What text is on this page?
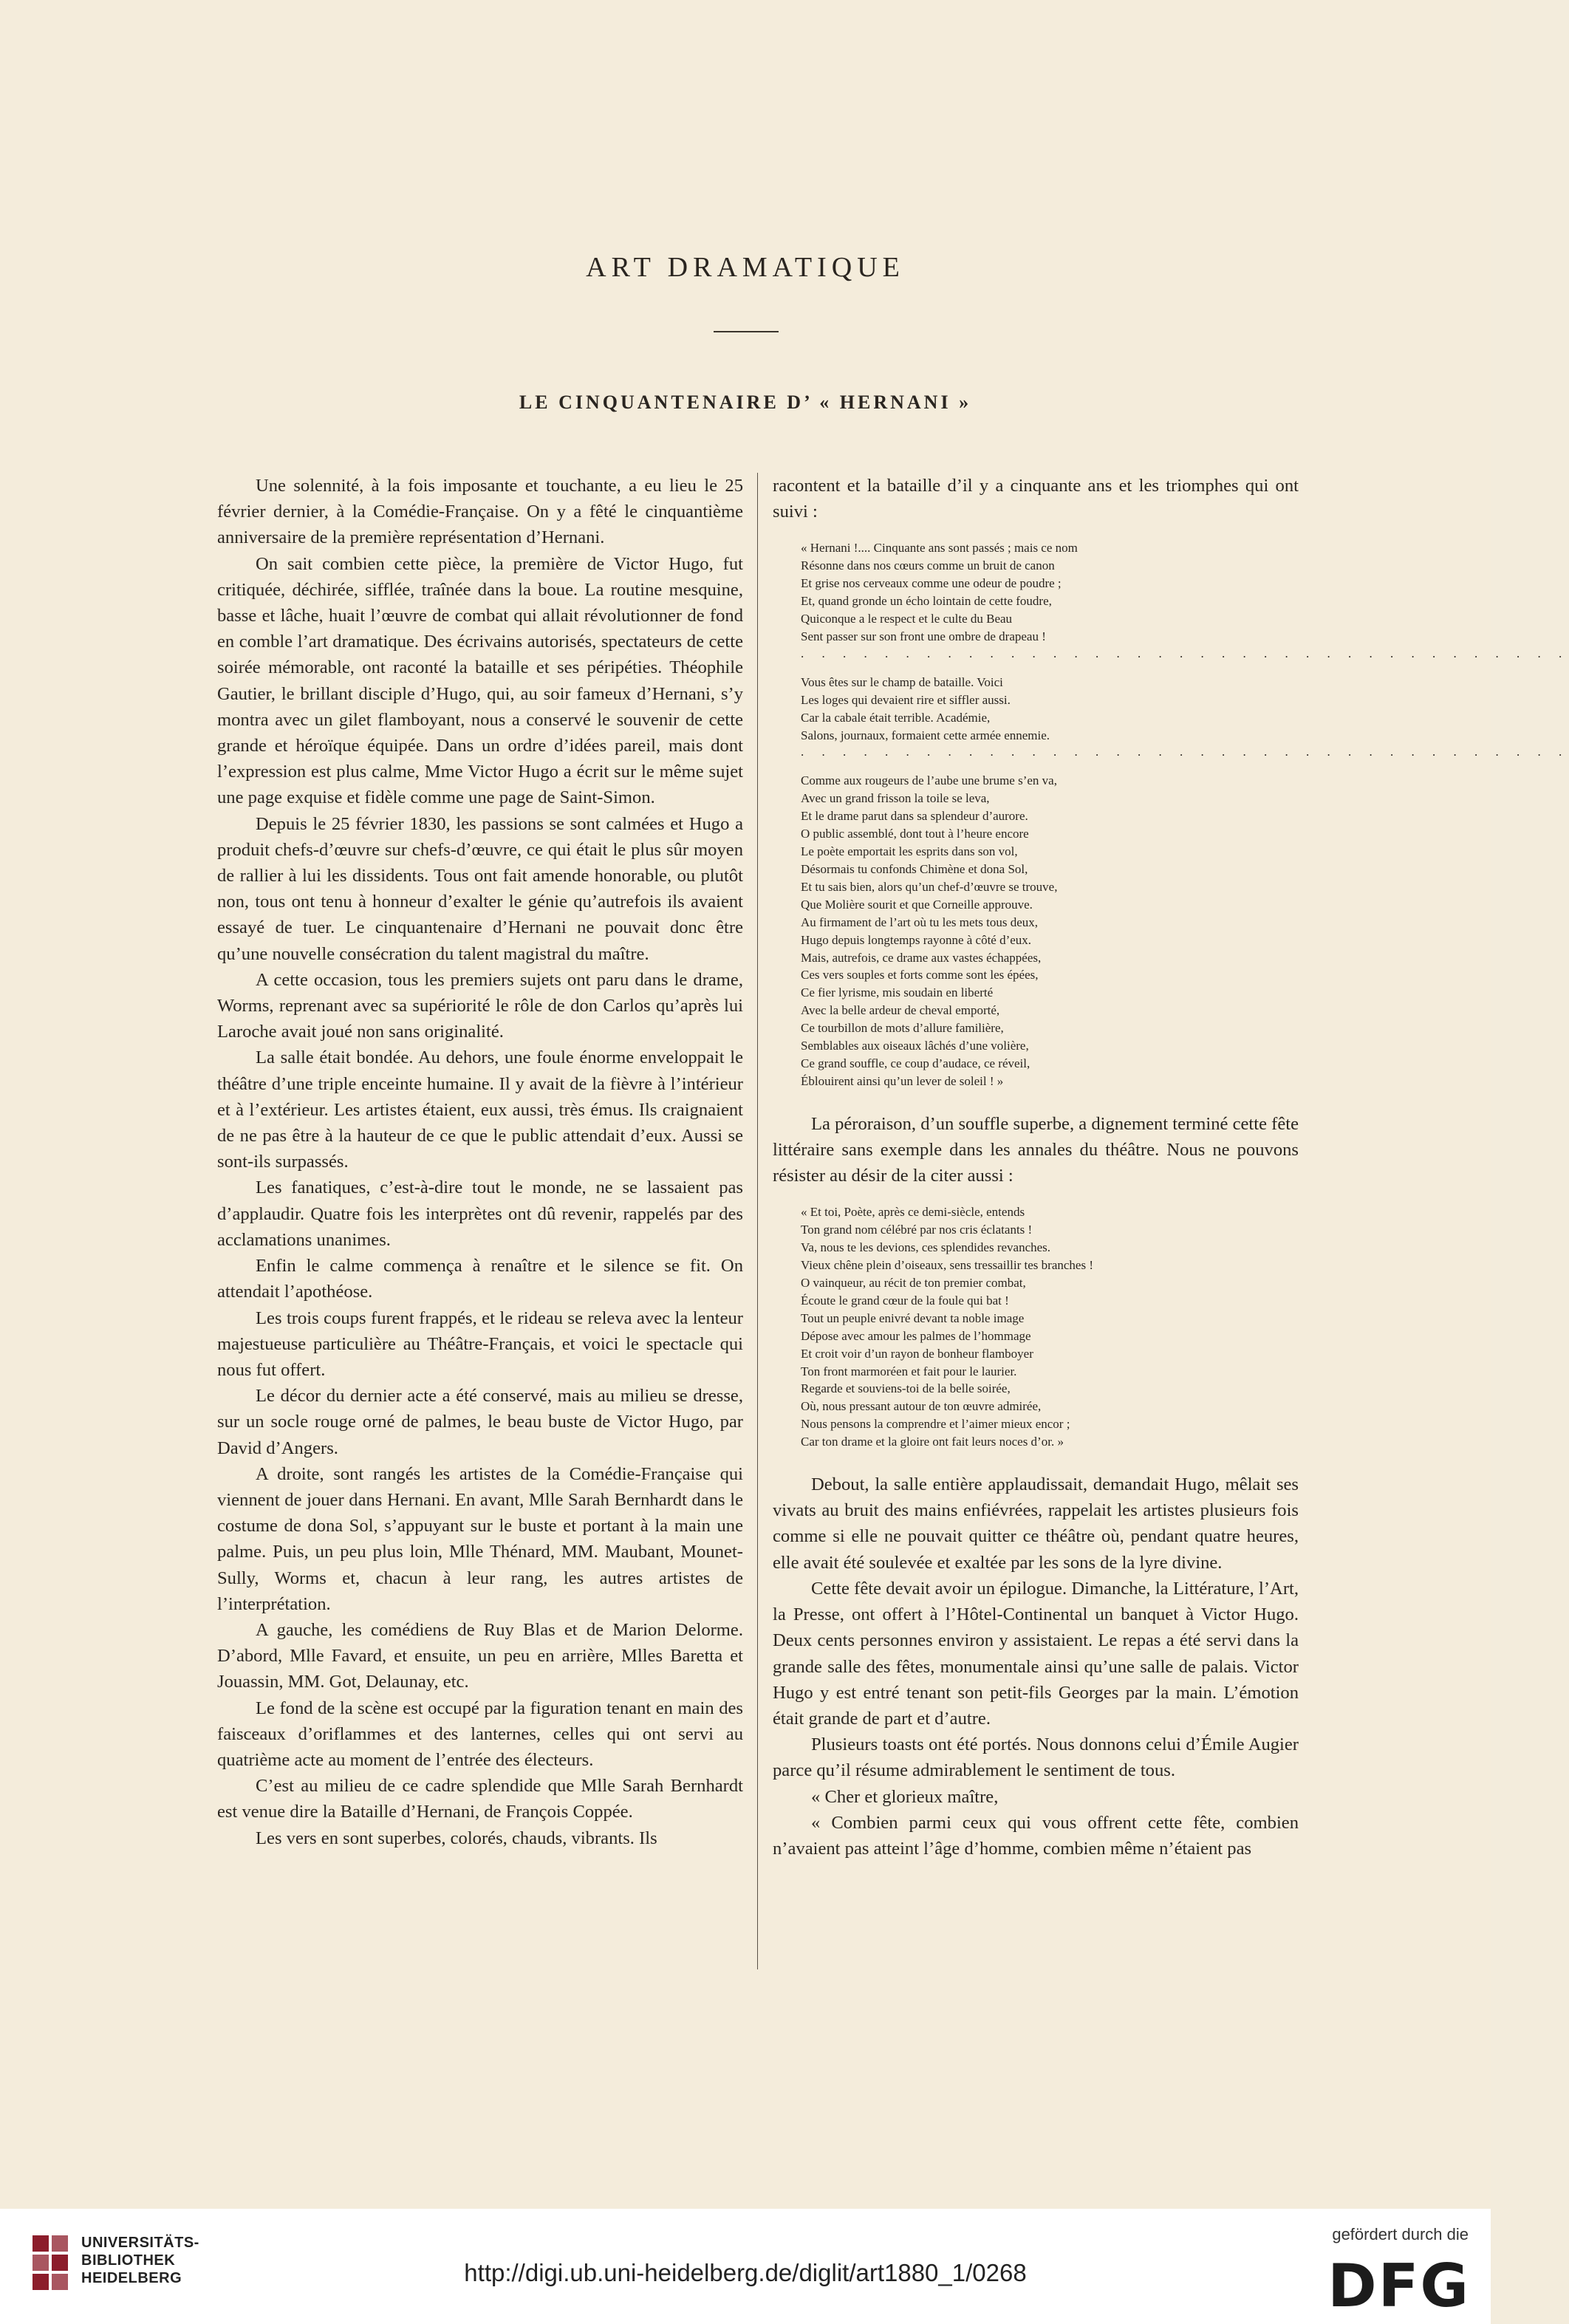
ART DRAMATIQUE
LE CINQUANTENAIRE D’ « HERNANI »

Une solennité, à la fois imposante et touchante, a eu lieu le 25 février dernier, à la Comédie-Française. On y a fêté le cinquantième anniversaire de la première représentation d’Hernani.

On sait combien cette pièce, la première de Victor Hugo, fut critiquée, déchirée, sifflée, traînée dans la boue. La routine mesquine, basse et lâche, huait l’œuvre de combat qui allait révolutionner de fond en comble l’art dramatique. Des écrivains autorisés, spectateurs de cette soirée mémorable, ont raconté la bataille et ses péripéties. Théophile Gautier, le brillant disciple d’Hugo, qui, au soir fameux d’Hernani, s’y montra avec un gilet flamboyant, nous a conservé le souvenir de cette grande et héroïque équipée. Dans un ordre d’idées pareil, mais dont l’expression est plus calme, Mme Victor Hugo a écrit sur le même sujet une page exquise et fidèle comme une page de Saint-Simon.

Depuis le 25 février 1830, les passions se sont calmées et Hugo a produit chefs-d’œuvre sur chefs-d’œuvre, ce qui était le plus sûr moyen de rallier à lui les dissidents. Tous ont fait amende honorable, ou plutôt non, tous ont tenu à honneur d’exalter le génie qu’autrefois ils avaient essayé de tuer. Le cinquantenaire d’Hernani ne pouvait donc être qu’une nouvelle consécration du talent magistral du maître.

A cette occasion, tous les premiers sujets ont paru dans le drame, Worms, reprenant avec sa supériorité le rôle de don Carlos qu’après lui Laroche avait joué non sans originalité.

La salle était bondée. Au dehors, une foule énorme enveloppait le théâtre d’une triple enceinte humaine. Il y avait de la fièvre à l’intérieur et à l’extérieur. Les artistes étaient, eux aussi, très émus. Ils craignaient de ne pas être à la hauteur de ce que le public attendait d’eux. Aussi se sont-ils surpassés.

Les fanatiques, c’est-à-dire tout le monde, ne se lassaient pas d’applaudir. Quatre fois les interprètes ont dû revenir, rappelés par des acclamations unanimes.

Enfin le calme commença à renaître et le silence se fit. On attendait l’apothéose.

Les trois coups furent frappés, et le rideau se releva avec la lenteur majestueuse particulière au Théâtre-Français, et voici le spectacle qui nous fut offert.

Le décor du dernier acte a été conservé, mais au milieu se dresse, sur un socle rouge orné de palmes, le beau buste de Victor Hugo, par David d’Angers.

A droite, sont rangés les artistes de la Comédie-Française qui viennent de jouer dans Hernani. En avant, Mlle Sarah Bernhardt dans le costume de dona Sol, s’appuyant sur le buste et portant à la main une palme. Puis, un peu plus loin, Mlle Thénard, MM. Maubant, Mounet-Sully, Worms et, chacun à leur rang, les autres artistes de l’interprétation.

A gauche, les comédiens de Ruy Blas et de Marion Delorme. D’abord, Mlle Favard, et ensuite, un peu en arrière, Mlles Baretta et Jouassin, MM. Got, Delaunay, etc.

Le fond de la scène est occupé par la figuration tenant en main des faisceaux d’oriflammes et des lanternes, celles qui ont servi au quatrième acte au moment de l’entrée des électeurs.

C’est au milieu de ce cadre splendide que Mlle Sarah Bernhardt est venue dire la Bataille d’Hernani, de François Coppée.

Les vers en sont superbes, colorés, chauds, vibrants. Ils

racontent et la bataille d’il y a cinquante ans et les triomphes qui ont suivi :

« Hernani !.... Cinquante ans sont passés ; mais ce nom
Résonne dans nos cœurs comme un bruit de canon
Et grise nos cerveaux comme une odeur de poudre ;
Et, quand gronde un écho lointain de cette foudre,
Quiconque a le respect et le culte du Beau
Sent passer sur son front une ombre de drapeau !
. . . . . . . . . . . . . . . . . . . . . . . . . . . . . . . . . . . . .
Vous êtes sur le champ de bataille. Voici
Les loges qui devaient rire et siffler aussi.
Car la cabale était terrible. Académie,
Salons, journaux, formaient cette armée ennemie.
. . . . . . . . . . . . . . . . . . . . . . . . . . . . . . . . . . . . .
Comme aux rougeurs de l’aube une brume s’en va,
Avec un grand frisson la toile se leva,
Et le drame parut dans sa splendeur d’aurore.
O public assemblé, dont tout à l’heure encore
Le poète emportait les esprits dans son vol,
Désormais tu confonds Chimène et dona Sol,
Et tu sais bien, alors qu’un chef-d’œuvre se trouve,
Que Molière sourit et que Corneille approuve.
Au firmament de l’art où tu les mets tous deux,
Hugo depuis longtemps rayonne à côté d’eux.
Mais, autrefois, ce drame aux vastes échappées,
Ces vers souples et forts comme sont les épées,
Ce fier lyrisme, mis soudain en liberté
Avec la belle ardeur de cheval emporté,
Ce tourbillon de mots d’allure familière,
Semblables aux oiseaux lâchés d’une volière,
Ce grand souffle, ce coup d’audace, ce réveil,
Éblouirent ainsi qu’un lever de soleil ! »

La péroraison, d’un souffle superbe, a dignement terminé cette fête littéraire sans exemple dans les annales du théâtre. Nous ne pouvons résister au désir de la citer aussi :

« Et toi, Poète, après ce demi-siècle, entends
Ton grand nom célébré par nos cris éclatants !
Va, nous te les devions, ces splendides revanches.
Vieux chêne plein d’oiseaux, sens tressaillir tes branches !
O vainqueur, au récit de ton premier combat,
Écoute le grand cœur de la foule qui bat !
Tout un peuple enivré devant ta noble image
Dépose avec amour les palmes de l’hommage
Et croit voir d’un rayon de bonheur flamboyer
Ton front marmoréen et fait pour le laurier.
Regarde et souviens-toi de la belle soirée,
Où, nous pressant autour de ton œuvre admirée,
Nous pensons la comprendre et l’aimer mieux encor ;
Car ton drame et la gloire ont fait leurs noces d’or. »

Debout, la salle entière applaudissait, demandait Hugo, mêlait ses vivats au bruit des mains enfiévrées, rappelait les artistes plusieurs fois comme si elle ne pouvait quitter ce théâtre où, pendant quatre heures, elle avait été soulevée et exaltée par les sons de la lyre divine.

Cette fête devait avoir un épilogue. Dimanche, la Littérature, l’Art, la Presse, ont offert à l’Hôtel-Continental un banquet à Victor Hugo. Deux cents personnes environ y assistaient. Le repas a été servi dans la grande salle des fêtes, monumentale ainsi qu’une salle de palais. Victor Hugo y est entré tenant son petit-fils Georges par la main. L’émotion était grande de part et d’autre.

Plusieurs toasts ont été portés. Nous donnons celui d’Émile Augier parce qu’il résume admirablement le sentiment de tous.

« Cher et glorieux maître,

« Combien parmi ceux qui vous offrent cette fête, combien n’avaient pas atteint l’âge d’homme, combien même n’étaient pas

UNIVERSITÄTS-
BIBLIOTHEK
HEIDELBERG	http://digi.ub.uni-heidelberg.de/diglit/art1880_1/0268
gefördert durch die
DFG
